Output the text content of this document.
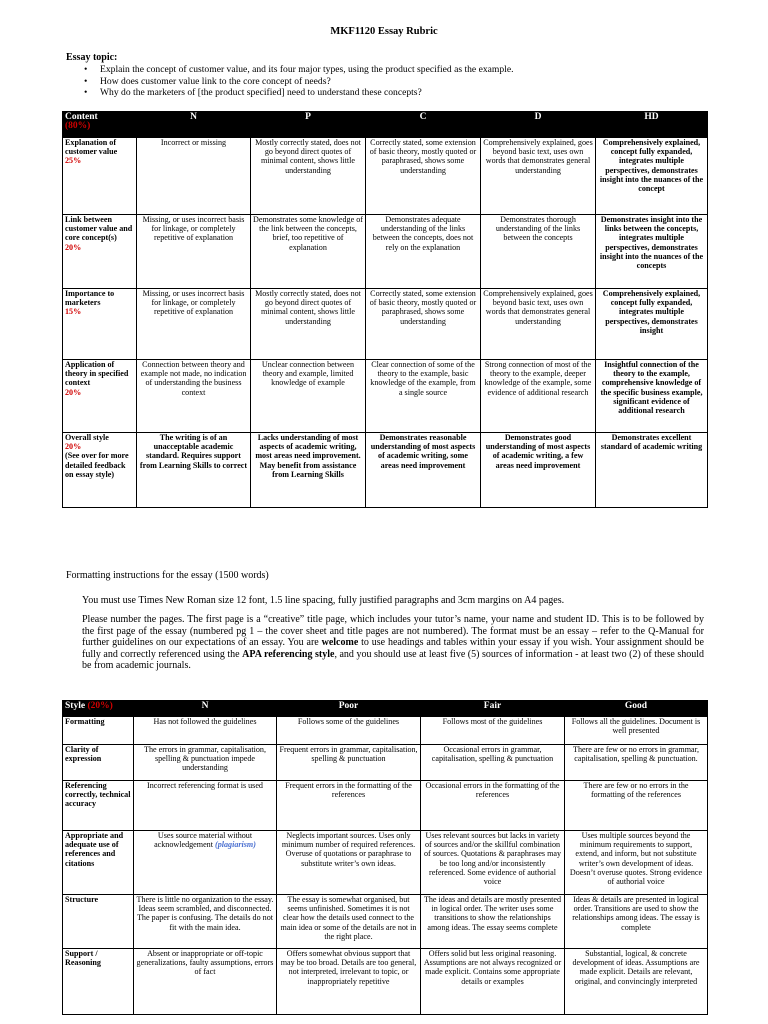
MKF1120 Essay Rubric
Essay topic:
• Explain the concept of customer value, and its four major types, using the product specified as the example.
• How does customer value link to the core concept of needs?
• Why do the marketers of [the product specified] need to understand these concepts?
Content
(80%)	N	P	C	D	HD
Explanation of customer value
25%	Incorrect or missing	Mostly correctly stated, does not go beyond direct quotes of minimal content, shows little understanding	Correctly stated, some extension of basic theory, mostly quoted or paraphrased, shows some understanding	Comprehensively explained, goes beyond basic text, uses own words that demonstrates general understanding	Comprehensively explained, concept fully expanded, integrates multiple perspectives, demonstrates insight into the nuances of the concept
Link between customer value and core concept(s)
20%	Missing, or uses incorrect basis for linkage, or completely repetitive of explanation	Demonstrates some knowledge of the link between the concepts, brief, too repetitive of explanation	Demonstrates adequate understanding of the links between the concepts, does not rely on the explanation	Demonstrates thorough understanding of the links between the concepts	Demonstrates insight into the links between the concepts, integrates multiple perspectives, demonstrates insight into the nuances of the concepts
Importance to marketers
15%	Missing, or uses incorrect basis for linkage, or completely repetitive of explanation	Mostly correctly stated, does not go beyond direct quotes of minimal content, shows little understanding	Correctly stated, some extension of basic theory, mostly quoted or paraphrased, shows some understanding	Comprehensively explained, goes beyond basic text, uses own words that demonstrates general understanding	Comprehensively explained, concept fully expanded, integrates multiple perspectives, demonstrates insight
Application of theory in specified context
20%	Connection between theory and example not made, no indication of understanding the business context	Unclear connection between theory and example, limited knowledge of example	Clear connection of some of the theory to the example, basic knowledge of the example, from a single source	Strong connection of most of the theory to the example, deeper knowledge of the example, some evidence of additional research	Insightful connection of the theory to the example, comprehensive knowledge of the specific business example, significant evidence of additional research
Overall style
20%
(See over for more detailed feedback on essay style)	The writing is of an unacceptable academic standard. Requires support from Learning Skills to correct	Lacks understanding of most aspects of academic writing, most areas need improvement. May benefit from assistance from Learning Skills	Demonstrates reasonable understanding of most aspects of academic writing, some areas need improvement	Demonstrates good understanding of most aspects of academic writing, a few areas need improvement	Demonstrates excellent standard of academic writing
Formatting instructions for the essay (1500 words)
You must use Times New Roman size 12 font, 1.5 line spacing, fully justified paragraphs and 3cm margins on A4 pages.
Please number the pages. The first page is a “creative” title page, which includes your tutor’s name, your name and student ID. This is to be followed by the first page of the essay (numbered pg 1 – the cover sheet and title pages are not numbered). The format must be an essay – refer to the Q-Manual for further guidelines on our expectations of an essay. You are welcome to use headings and tables within your essay if you wish. Your assignment should be fully and correctly referenced using the APA referencing style, and you should use at least five (5) sources of information - at least two (2) of these should be from academic journals.
Style (20%)	N	Poor	Fair	Good
Formatting	Has not followed the guidelines	Follows some of the guidelines	Follows most of the guidelines	Follows all the guidelines. Document is well presented
Clarity of expression	The errors in grammar, capitalisation, spelling & punctuation impede understanding	Frequent errors in grammar, capitalisation, spelling & punctuation	Occasional errors in grammar, capitalisation, spelling & punctuation	There are few or no errors in grammar, capitalisation, spelling & punctuation.
Referencing correctly, technical accuracy	Incorrect referencing format is used	Frequent errors in the formatting of the references	Occasional errors in the formatting of the references	There are few or no errors in the formatting of the references
Appropriate and adequate use of references and citations	Uses source material without acknowledgement (plagiarism)	Neglects important sources. Uses only minimum number of required references. Overuse of quotations or paraphrase to substitute writer’s own ideas.	Uses relevant sources but lacks in variety of sources and/or the skillful combination of sources. Quotations & paraphrases may be too long and/or inconsistently referenced. Some evidence of authorial voice	Uses multiple sources beyond the minimum requirements to support, extend, and inform, but not substitute writer’s own development of ideas. Doesn’t overuse quotes. Strong evidence of authorial voice
Structure	There is little no organization to the essay. Ideas seem scrambled, and disconnected. The paper is confusing. The details do not fit with the main idea.	The essay is somewhat organised, but seems unfinished. Sometimes it is not clear how the details used connect to the main idea or some of the details are not in the right place.	The ideas and details are mostly presented in logical order. The writer uses some transitions to show the relationships among ideas. The essay seems complete	Ideas & details are presented in logical order. Transitions are used to show the relationships among ideas. The essay is complete
Support / Reasoning	Absent or inappropriate or off-topic generalizations, faulty assumptions, errors of fact	Offers somewhat obvious support that may be too broad. Details are too general, not interpreted, irrelevant to topic, or inappropriately repetitive	Offers solid but less original reasoning. Assumptions are not always recognized or made explicit. Contains some appropriate details or examples	Substantial, logical, & concrete development of ideas. Assumptions are made explicit. Details are relevant, original, and convincingly interpreted
